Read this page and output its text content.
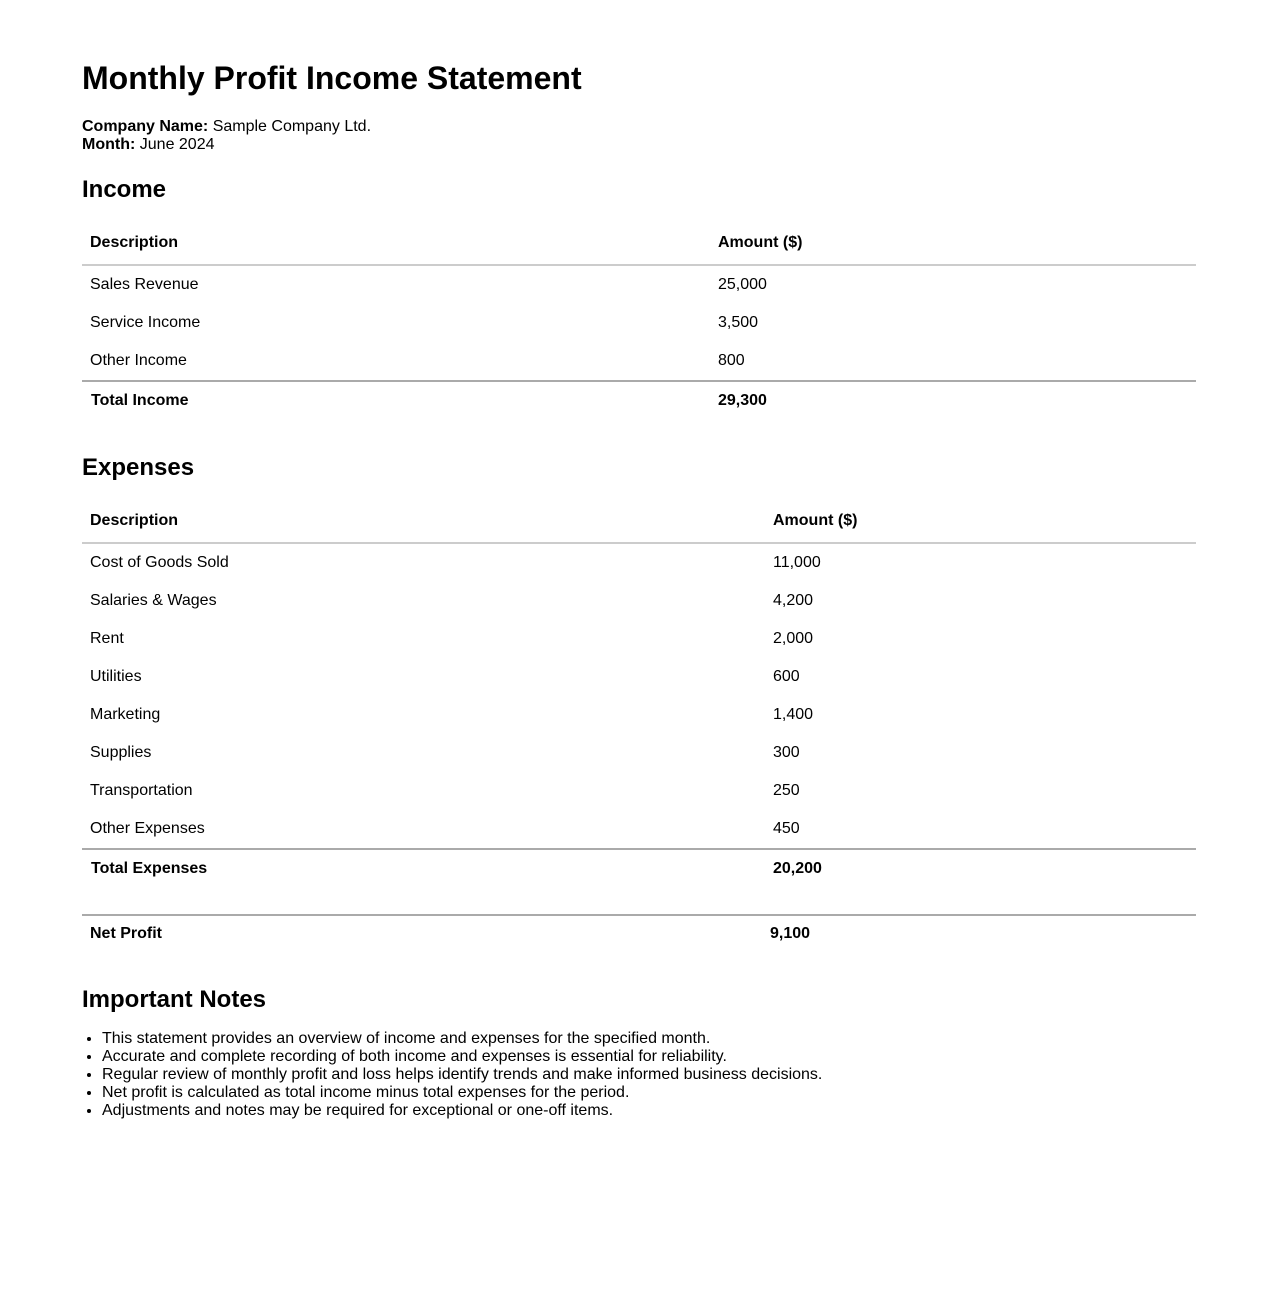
Monthly Profit Income Statement
Company Name: Sample Company Ltd.
Month: June 2024
Income
Description	Amount ($)
Sales Revenue	25,000
Service Income	3,500
Other Income	800
Total Income	29,300
Expenses
Description	Amount ($)
Cost of Goods Sold	11,000
Salaries & Wages	4,200
Rent	2,000
Utilities	600
Marketing	1,400
Supplies	300
Transportation	250
Other Expenses	450
Total Expenses	20,200
Net Profit	9,100
Important Notes
• This statement provides an overview of income and expenses for the specified month.
• Accurate and complete recording of both income and expenses is essential for reliability.
• Regular review of monthly profit and loss helps identify trends and make informed business decisions.
• Net profit is calculated as total income minus total expenses for the period.
• Adjustments and notes may be required for exceptional or one-off items.
